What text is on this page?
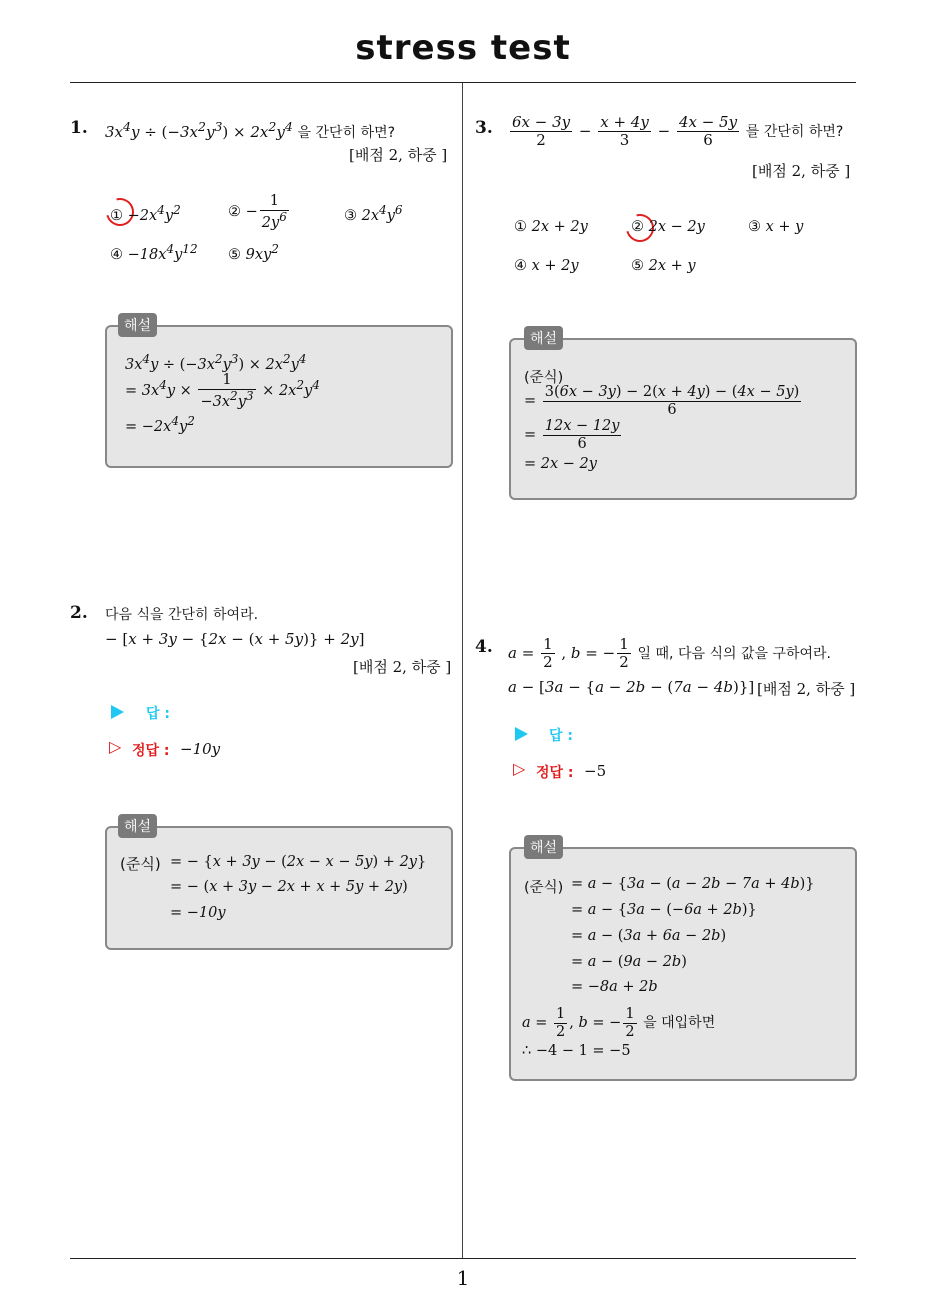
stress test
1
1. $3x^4y \div (-3x^2y^3) \times 2x^2y^4$ 을 간단히 하면?
[배점 2, 하중 ]
① $-2x^4y^2$	② − $\frac{1}{2y^6}$	③ $2x^4y^6$
④ $-18x^4y^{12}$ ⑤ $9xy^2$
해설
$3x^4y \div (-3x^2y^3) \times 2x^2y^4$
= $3x^4y \times \frac{1}{-3x^2y^3} \times 2x^2y^4$
= $-2x^4y^2$
2. 다음 식을 간단히 하여라.
− [x + 3y − {2x − (x + 5y)} + 2y]
[배점 2, 하중 ]
답 :
▷ 정답 : −10y
해설
(준식) = − {x + 3y − (2x − x − 5y) + 2y}
= − (x + 3y − 2x + x + 5y + 2y)
= −10y
3. $\frac{6x - 3y}{2} - \frac{x + 4y}{3} - \frac{4x - 5y}{6}$ 를 간단히 하면?
[배점 2, 하중 ]
① 2x + 2y	② 2x − 2y	③ x + y
④ x + 2y	⑤ 2x + y
해설
(준식)
= $\frac{3(6x - 3y) - 2(x + 4y) - (4x - 5y)}{6}$
= $\frac{12x - 12y}{6}$
= 2x − 2y
4. $a = \frac{1}{2}$ , b = − $\frac{1}{2}$ 일 때, 다음 식의 값을 구하여라.
a − [3a − {a − 2b − (7a − 4b)}] [배점 2, 하중 ]
답 :
▷ 정답 : −5
해설
(준식) = a − {3a − (a − 2b − 7a + 4b)}
= a − {3a − (−6a + 2b)}
= a − (3a + 6a − 2b)
= a − (9a − 2b)
= −8a + 2b
$a = \frac{1}{2}$ , b = − $\frac{1}{2}$ 을 대입하면
∴ −4 − 1 = −5
